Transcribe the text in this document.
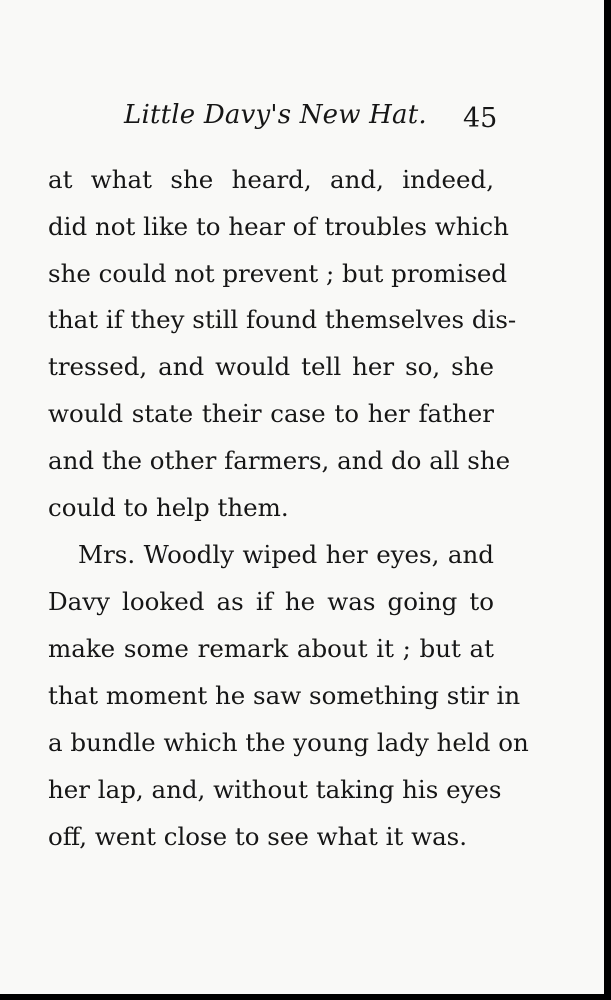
Little Davy's New Hat. 45
at what she heard, and, indeed,
did not like to hear of troubles which
she could not prevent ; but promised
that if they still found themselves dis-
tressed, and would tell her so, she
would state their case to her father
and the other farmers, and do all she
could to help them.
Mrs. Woodly wiped her eyes, and
Davy looked as if he was going to
make some remark about it ; but at
that moment he saw something stir in
a bundle which the young lady held on
her lap, and, without taking his eyes
off, went close to see what it was.
